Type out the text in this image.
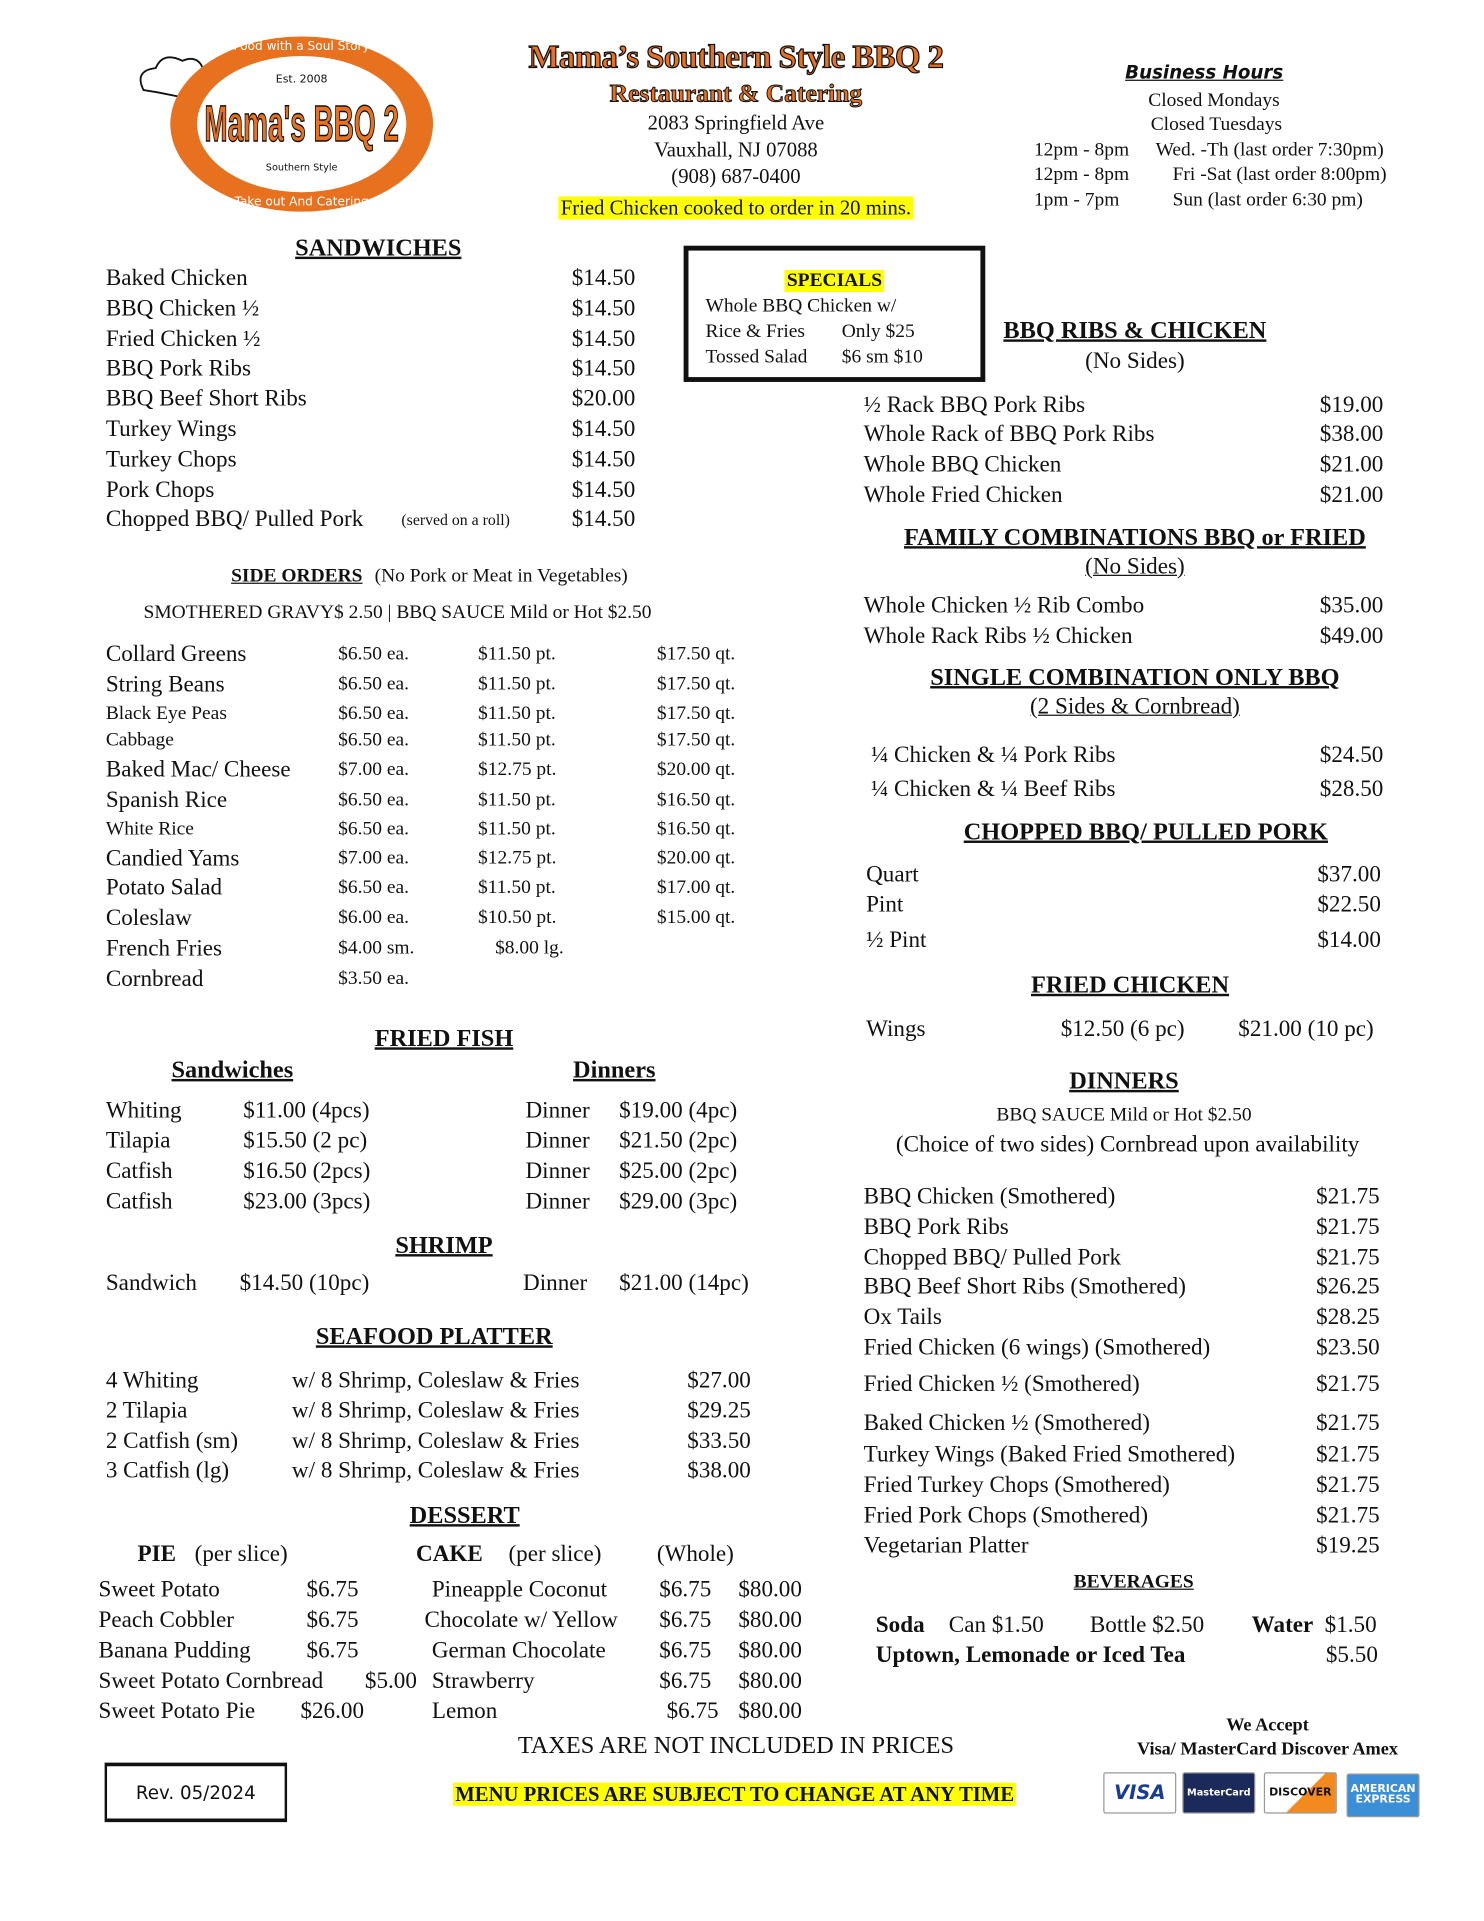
Food with a Soul Story
Est. 2008
Mama's BBQ 2
Southern Style
Take out And Catering
Mama’s Southern Style BBQ 2
Restaurant & Catering
2083 Springfield Ave
Vauxhall, NJ 07088
(908) 687-0400
Fried Chicken cooked to order in 20 mins.
Business Hours
Closed Mondays
Closed Tuesdays
SPECIALS
Whole BBQ Chicken w/
Rice & Fries Only $25
Tossed Salad $6 sm $10
12pm - 8pm Wed. -Th (last order 7:30pm)
12pm - 8pm	Fri -Sat (last order 8:00pm)
1pm - 7pm	Sun (last order 6:30 pm)
SANDWICHES
Baked Chicken	$14.50
BBQ Chicken ½	$14.50
Fried Chicken ½	$14.50
BBQ Pork Ribs	$14.50
BBQ Beef Short Ribs	$20.00
Turkey Wings	$14.50
Turkey Chops	$14.50
Pork Chops	$14.50
Chopped BBQ/ Pulled Pork	(served on a roll)	$14.50
SIDE ORDERS (No Pork or Meat in Vegetables)
SMOTHERED GRAVY$ 2.50 | BBQ SAUCE Mild or Hot $2.50
Collard Greens	$6.50 ea.	$11.50 pt.	$17.50 qt.
String Beans	$6.50 ea.	$11.50 pt.	$17.50 qt.
Black Eye Peas	$6.50 ea.	$11.50 pt.	$17.50 qt.
Cabbage	$6.50 ea.	$11.50 pt.	$17.50 qt.
Baked Mac/ Cheese	$7.00 ea.	$12.75 pt.	$20.00 qt.
Spanish Rice	$6.50 ea.	$11.50 pt.	$16.50 qt.
White Rice	$6.50 ea.	$11.50 pt.	$16.50 qt.
Candied Yams	$7.00 ea.	$12.75 pt.	$20.00 qt.
Potato Salad	$6.50 ea.	$11.50 pt.	$17.00 qt.
Coleslaw	$6.00 ea.	$10.50 pt.	$15.00 qt.
French Fries	$4.00 sm.	$8.00 lg.
Cornbread	$3.50 ea.
FRIED FISH
Whiting	$11.00 (4pcs)	Dinner $19.00 (4pc)
Tilapia	$15.50 (2 pc)	Dinner $21.50 (2pc)
Catfish	$16.50 (2pcs)	Dinner $25.00 (2pc)
Catfish	$23.00 (3pcs)	Dinner $29.00 (3pc)
Sandwiches	Dinners
SHRIMP
Sandwich $14.50 (10pc)	Dinner $21.00 (14pc)
SEAFOOD PLATTER
4 Whiting	w/ 8 Shrimp, Coleslaw & Fries	$27.00
2 Tilapia	w/ 8 Shrimp, Coleslaw & Fries	$29.25
2 Catfish (sm)	w/ 8 Shrimp, Coleslaw & Fries	$33.50
3 Catfish (lg)	w/ 8 Shrimp, Coleslaw & Fries	$38.00
DESSERT
Sweet Potato	$6.75	Pineapple Coconut	$6.75 $80.00
Peach Cobbler	$6.75	Chocolate w/ Yellow $6.75 $80.00
Banana Pudding	$6.75	German Chocolate	$6.75 $80.00
Sweet Potato Cornbread $5.00 Strawberry	$6.75 $80.00
Sweet Potato Pie $26.00	Lemon	$6.75 $80.00
PIE (per slice)	CAKE (per slice)	(Whole)
BBQ RIBS & CHICKEN
½ Rack BBQ Pork Ribs	$19.00
Whole Rack of BBQ Pork Ribs	$38.00
Whole BBQ Chicken	$21.00
Whole Fried Chicken	$21.00
(No Sides)
FAMILY COMBINATIONS BBQ or FRIED
Whole Chicken ½ Rib Combo	$35.00
Whole Rack Ribs ½ Chicken	$49.00
(No Sides)
SINGLE COMBINATION ONLY BBQ
¼ Chicken & ¼ Pork Ribs	$24.50
¼ Chicken & ¼ Beef Ribs	$28.50
(2 Sides & Cornbread)
CHOPPED BBQ/ PULLED PORK
Quart	$37.00
Pint	$22.50
½ Pint	$14.00
FRIED CHICKEN
Wings	$12.50 (6 pc)	$21.00 (10 pc)
DINNERS
BBQ Chicken (Smothered)	$21.75
BBQ Pork Ribs	$21.75
Chopped BBQ/ Pulled Pork	$21.75
BBQ Beef Short Ribs (Smothered)	$26.25
Ox Tails	$28.25
Fried Chicken (6 wings) (Smothered)	$23.50
Fried Chicken ½ (Smothered)	$21.75
Baked Chicken ½ (Smothered)	$21.75
Turkey Wings (Baked Fried Smothered)	$21.75
Fried Turkey Chops (Smothered)	$21.75
Fried Pork Chops (Smothered)	$21.75
Vegetarian Platter	$19.25
BBQ SAUCE Mild or Hot $2.50
(Choice of two sides) Cornbread upon availability
BEVERAGES
Soda Can $1.50 Bottle $2.50 Water $1.50
Uptown, Lemonade or Iced Tea	$5.50
TAXES ARE NOT INCLUDED IN PRICES
Rev. 05/2024	MENU PRICES ARE SUBJECT TO CHANGE AT ANY TIME
We Accept
Visa/ MasterCard Discover Amex
VISA	MasterCard	DISCOVER	AMERICAN EXPRESS
